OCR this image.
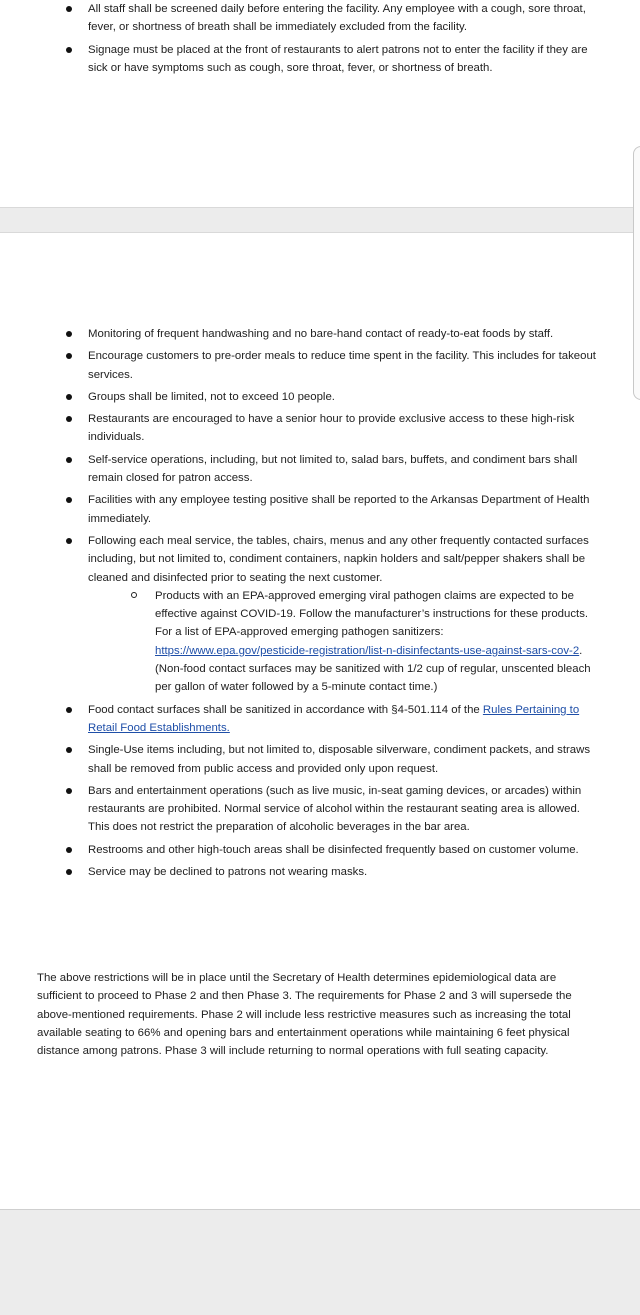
All staff shall be screened daily before entering the facility. Any employee with a cough, sore throat, fever, or shortness of breath shall be immediately excluded from the facility.
Signage must be placed at the front of restaurants to alert patrons not to enter the facility if they are sick or have symptoms such as cough, sore throat, fever, or shortness of breath.
Monitoring of frequent handwashing and no bare-hand contact of ready-to-eat foods by staff.
Encourage customers to pre-order meals to reduce time spent in the facility. This includes for takeout services.
Groups shall be limited, not to exceed 10 people.
Restaurants are encouraged to have a senior hour to provide exclusive access to these high-risk individuals.
Self-service operations, including, but not limited to, salad bars, buffets, and condiment bars shall remain closed for patron access.
Facilities with any employee testing positive shall be reported to the Arkansas Department of Health immediately.
Following each meal service, the tables, chairs, menus and any other frequently contacted surfaces including, but not limited to, condiment containers, napkin holders and salt/pepper shakers shall be cleaned and disinfected prior to seating the next customer.
Products with an EPA-approved emerging viral pathogen claims are expected to be effective against COVID-19. Follow the manufacturer’s instructions for these products. For a list of EPA-approved emerging pathogen sanitizers: https://www.epa.gov/pesticide-registration/list-n-disinfectants-use-against-sars-cov-2. (Non-food contact surfaces may be sanitized with 1/2 cup of regular, unscented bleach per gallon of water followed by a 5-minute contact time.)
Food contact surfaces shall be sanitized in accordance with §4-501.114 of the Rules Pertaining to Retail Food Establishments.
Single-Use items including, but not limited to, disposable silverware, condiment packets, and straws shall be removed from public access and provided only upon request.
Bars and entertainment operations (such as live music, in-seat gaming devices, or arcades) within restaurants are prohibited. Normal service of alcohol within the restaurant seating area is allowed. This does not restrict the preparation of alcoholic beverages in the bar area.
Restrooms and other high-touch areas shall be disinfected frequently based on customer volume.
Service may be declined to patrons not wearing masks.

The above restrictions will be in place until the Secretary of Health determines epidemiological data are sufficient to proceed to Phase 2 and then Phase 3. The requirements for Phase 2 and 3 will supersede the above-mentioned requirements. Phase 2 will include less restrictive measures such as increasing the total available seating to 66% and opening bars and entertainment operations while maintaining 6 feet physical distance among patrons. Phase 3 will include returning to normal operations with full seating capacity.
